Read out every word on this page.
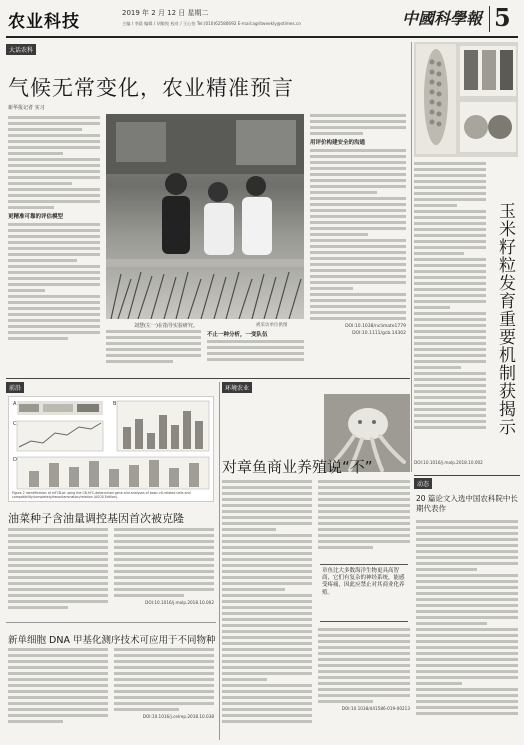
农业科技	2019 年 2 月 12 日 星期二
主编 / 李晨 编辑 / 胡敏锐 校对 / 王心怡 Tel:(010)62580692 E-mail:agritweekly@stimes.cn	中國科學報 5
大话农科
气候无常变化，农业精准预言
新华报记者 实习
更精准可靠的评估模型
刘慧(左一)在指导实验研究。	被采访单位供图
不止一种分析，一变队伍
用评价构建安全的沟通
DOI:10.1038/nclimate1779
DOI:10.1111/gcb.14302	玉米籽粒发育重要机制获揭示
DOI:10.1016/j.molp.2018.10.002
前沿
A
C
B
D
Figure 2 Identification of mFCB-bt using the CB-hFC-determined gene and analyses of basic ctl-related cells and compatibility/completely/decontamination/relation (ASO0 Edition).
油菜种子含油量调控基因首次被克隆
DOI:10.1016/j.molp.2018.10.002
新单细胞 DNA 甲基化测序技术可应用于不同物种
DOI:10.1016/j.celrep.2018.10.038
环境农业
对章鱼商业养殖说“不”
章鱼比大多数海洋生物更具高智商，它们有复杂的神经系统，能感受疼痛，因此应禁止对其商业化养殖。
DOI:10.1038/d41586-019-00213
动态
20 篇论文入选中国农科院中长期代表作
